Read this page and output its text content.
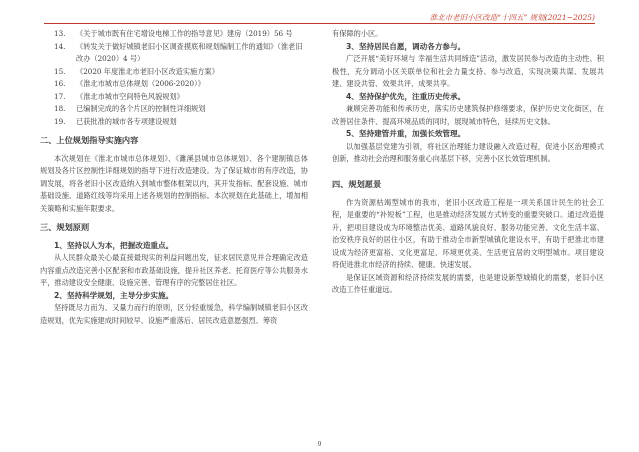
淮北市老旧小区改造“十四五” 规划(2021~2025)
13. 《关于城市既有住宅增设电梯工作的指导意见》建房（2019）56 号
14. 《转发关于做好城镇老旧小区调查摸底和规划编制工作的通知》（淮老旧改办（2020）4 号）
15. 《2020 年度淮北市老旧小区改造实施方案》
16. 《淮北市城市总体规划（2006-2020）》
17. 《淮北市城市空间特色风貌规划》
18. 已编制完成的各个片区的控制性详细规划
19. 已获批准的城市各专项建设规划
二、上位规划指导实施内容

本次规划在《淮北市城市总体规划》、《濉溪县城市总体规划》、各个建制镇总体规划及各片区控制性详细规划的指导下进行改造建设。为了保证城市的有序改造，协调发展，将各老旧小区改造纳入到城市整体框架以内，其开发指标、配套设施、城市基础设施、道路红线等均采用上述各规划的控制指标。本次规划在此基础上，增加相关策略和实施年限要求。

三、规划原则
1、坚持以人为本，把握改造重点。

从人民群众最关心最直接最现实的利益问题出发，征求居民意见并合理确定改造内容重点改造完善小区配套和市政基础设施，提升社区养老、托育医疗等公共服务水平，推动建设安全健康、设施完善、管理有序的完整居住社区。

2、坚持科学规划，主导分步实施。

坚持既尽力而为、又量力而行的原则，区分轻重缓急，科学编制城镇老旧小区改造规划，优先实施建成时间较早、设施严重落后、居民改造意愿强烈、筹资

有保障的小区。

3、坚持居民自愿，调动各方参与。

广泛开展“美好环境与 幸福生活共同缔造”活动，激发居民参与改造的主动性、积极性，充分调动小区关联单位和社会力量支持、参与改造，实现决策共谋、发展共建、建设共管、效果共评、成果共享。

4、坚持保护优先，注重历史传承。

兼顾完善功能和传承历史，落实历史建筑保护修缮要求，保护历史文化街区，在改善居住条件、提高环境品质的同时，展现城市特色，延续历史文脉。

5、坚持建管并重，加强长效管理。

以加强基层党建为引领，将社区治理能力建设融入改造过程，促进小区治理模式创新，推动社会治理和服务重心向基层下移，完善小区长效管理机制。

四、规划愿景

作为资源枯竭型城市的我市，老旧小区改造工程是一项关系国计民生的社会工程，是重要的“补短板”工程，也是推动经济发展方式转变的重要突破口。通过改造提升，把项目建设成为环境整洁优美、道路风貌良好、服务功能完善、文化生活丰富、治安秩序良好的居住小区，有助于推动全市新型城镇化建设水平，有助于把淮北市建设成为经济更富裕、文化更富足、环境更优美、生活更宜居的文明型城市。项目建设将促进淮北市经济的持续、健康、快速发展。

是保证区域资源和经济持续发展的需要，也是建设新型城镇化的需要，老旧小区改造工作任重道远。

9
